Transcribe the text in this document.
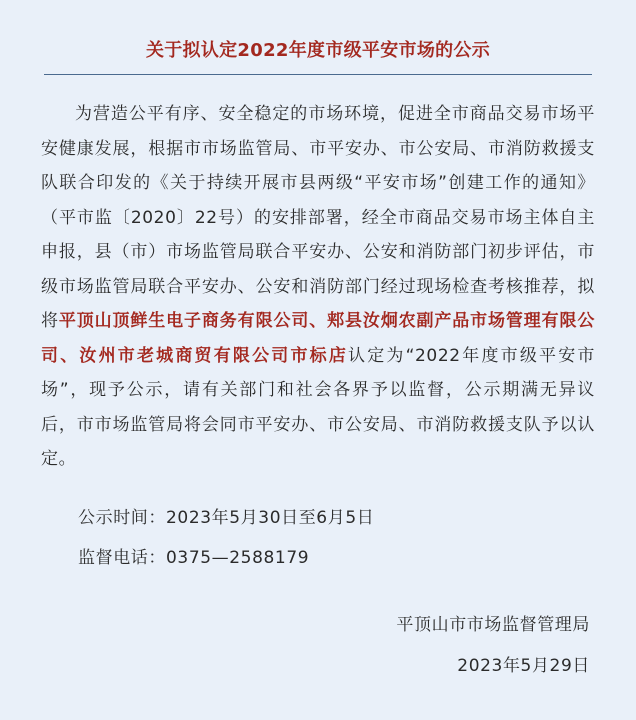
关于拟认定2022年度市级平安市场的公示

为营造公平有序、安全稳定的市场环境，促进全市商品交易市场平安健康发展，根据市市场监管局、市平安办、市公安局、市消防救援支队联合印发的《关于持续开展市县两级“平安市场”创建工作的通知》（平市监〔2020〕22号）的安排部署，经全市商品交易市场主体自主申报，县（市）市场监管局联合平安办、公安和消防部门初步评估，市级市场监管局联合平安办、公安和消防部门经过现场检查考核推荐，拟将平顶山顶鲜生电子商务有限公司、郏县汝炯农副产品市场管理有限公司、汝州市老城商贸有限公司市标店认定为“2022年度市级平安市场”，现予公示，请有关部门和社会各界予以监督，公示期满无异议后，市市场监管局将会同市平安办、市公安局、市消防救援支队予以认定。

公示时间：2023年5月30日至6月5日
监督电话：0375—2588179
平顶山市市场监督管理局
2023年5月29日
